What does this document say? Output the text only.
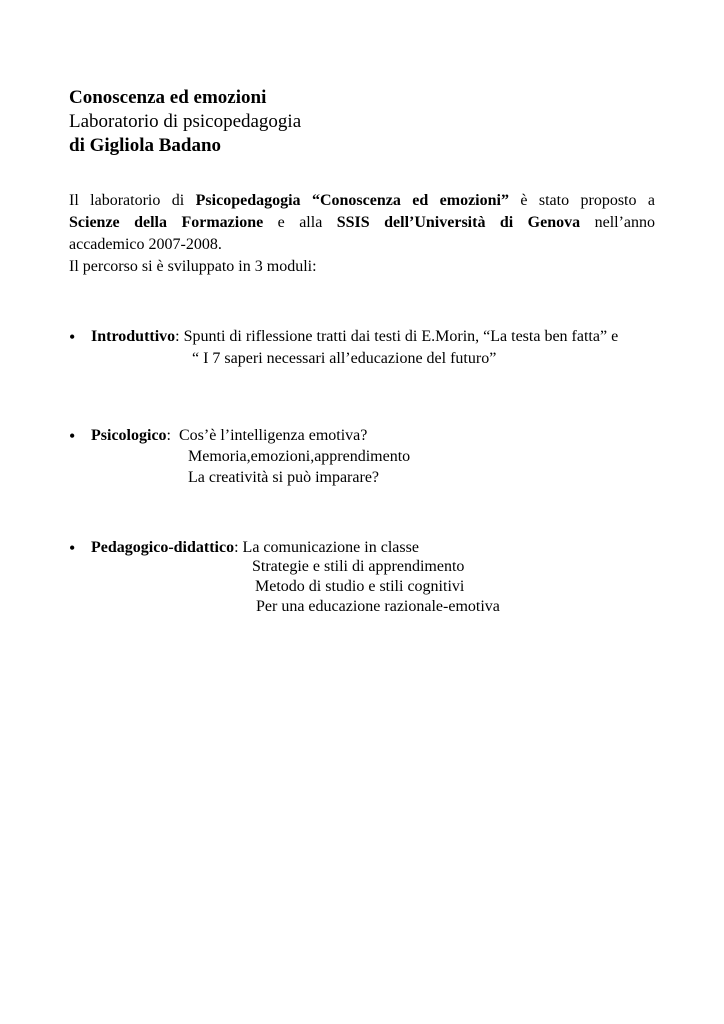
Conoscenza ed emozioni
Laboratorio di psicopedagogia
di Gigliola Badano
Il laboratorio di Psicopedagogia “Conoscenza ed emozioni” è stato proposto a
Scienze della Formazione e alla SSIS dell’Università di Genova nell’anno
accademico 2007-2008.
Il percorso si è sviluppato in 3 moduli:
• Introduttivo: Spunti di riflessione tratti dai testi di E.Morin, “La testa ben fatta” e
“ I 7 saperi necessari all’educazione del futuro”
• Psicologico:  Cos’è l’intelligenza emotiva?
Memoria,emozioni,apprendimento
La creatività si può imparare?
• Pedagogico-didattico: La comunicazione in classe
Strategie e stili di apprendimento
Metodo di studio e stili cognitivi
Per una educazione razionale-emotiva
